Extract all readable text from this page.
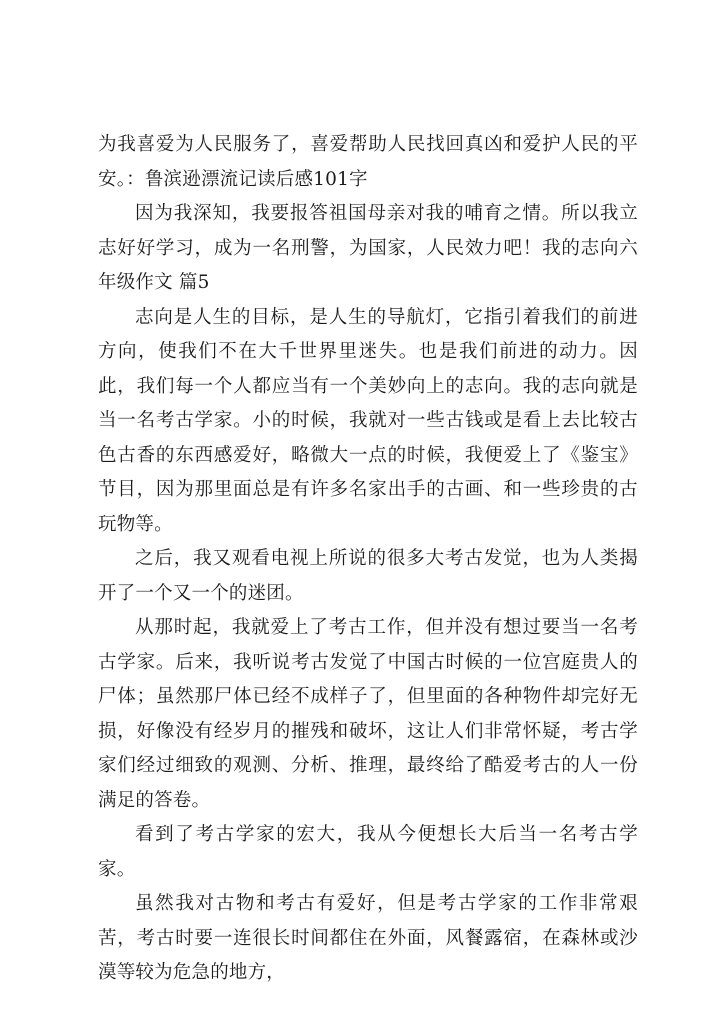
为我喜爱为人民服务了，喜爱帮助人民找回真凶和爱护人民的平安。：鲁滨逊漂流记读后感101字

因为我深知，我要报答祖国母亲对我的哺育之情。所以我立志好好学习，成为一名刑警，为国家，人民效力吧！我的志向六年级作文 篇5

志向是人生的目标，是人生的导航灯，它指引着我们的前进方向，使我们不在大千世界里迷失。也是我们前进的动力。因此，我们每一个人都应当有一个美妙向上的志向。我的志向就是当一名考古学家。小的时候，我就对一些古钱或是看上去比较古色古香的东西感爱好，略微大一点的时候，我便爱上了《鉴宝》节目，因为那里面总是有许多名家出手的古画、和一些珍贵的古玩物等。

之后，我又观看电视上所说的很多大考古发觉，也为人类揭开了一个又一个的迷团。

从那时起，我就爱上了考古工作，但并没有想过要当一名考古学家。后来，我听说考古发觉了中国古时候的一位宫庭贵人的尸体；虽然那尸体已经不成样子了，但里面的各种物件却完好无损，好像没有经岁月的摧残和破坏，这让人们非常怀疑，考古学家们经过细致的观测、分析、推理，最终给了酷爱考古的人一份满足的答卷。

看到了考古学家的宏大，我从今便想长大后当一名考古学家。

虽然我对古物和考古有爱好，但是考古学家的工作非常艰苦，考古时要一连很长时间都住在外面，风餐露宿，在森林或沙漠等较为危急的地方，
